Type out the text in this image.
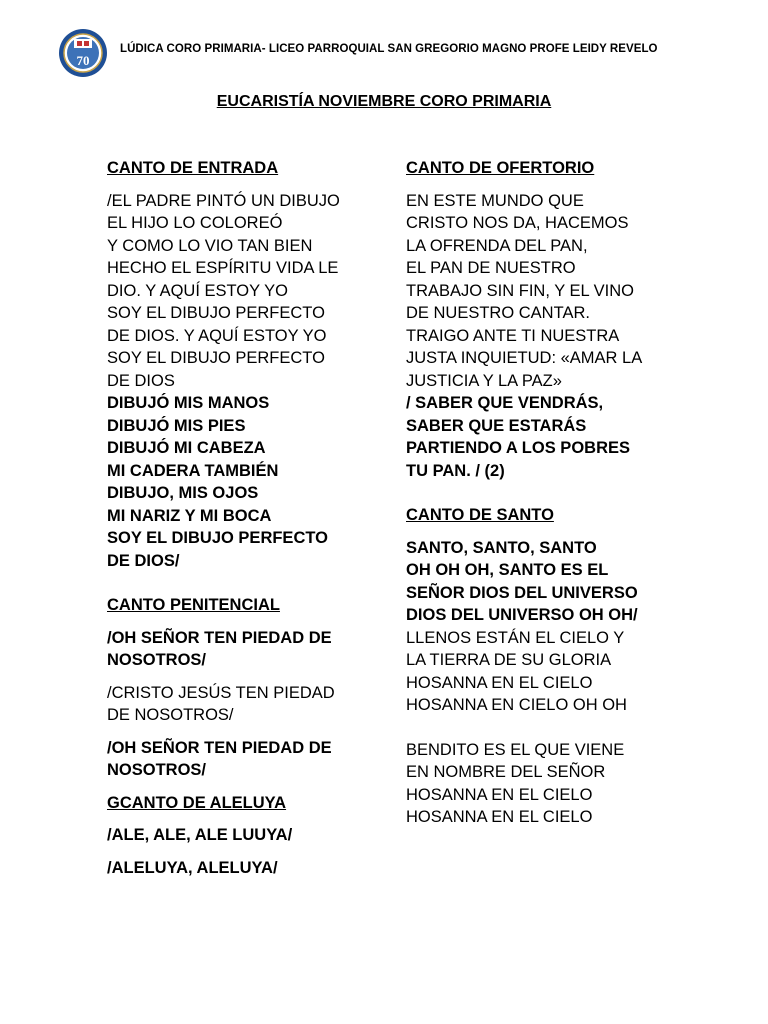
70
LÚDICA CORO PRIMARIA- LICEO PARROQUIAL SAN GREGORIO MAGNO PROFE LEIDY REVELO
EUCARISTÍA NOVIEMBRE CORO PRIMARIA
CANTO DE ENTRADA
/EL PADRE PINTÓ UN DIBUJO
EL HIJO LO COLOREÓ
Y COMO LO VIO TAN BIEN
HECHO EL ESPÍRITU VIDA LE
DIO. Y AQUÍ ESTOY YO
SOY EL DIBUJO PERFECTO
DE DIOS. Y AQUÍ ESTOY YO
SOY EL DIBUJO PERFECTO
DE DIOS
DIBUJÓ MIS MANOS
DIBUJÓ MIS PIES
DIBUJÓ MI CABEZA
MI CADERA TAMBIÉN
DIBUJO, MIS OJOS
MI NARIZ Y MI BOCA
SOY EL DIBUJO PERFECTO
DE DIOS/
CANTO PENITENCIAL
/OH SEÑOR TEN PIEDAD DE
NOSOTROS/
/CRISTO JESÚS TEN PIEDAD
DE NOSOTROS/
/OH SEÑOR TEN PIEDAD DE
NOSOTROS/
GCANTO DE ALELUYA
/ALE, ALE, ALE LUUYA/
/ALELUYA, ALELUYA/
CANTO DE OFERTORIO
EN ESTE MUNDO QUE
CRISTO NOS DA, HACEMOS
LA OFRENDA DEL PAN,
EL PAN DE NUESTRO
TRABAJO SIN FIN, Y EL VINO
DE NUESTRO CANTAR.
TRAIGO ANTE TI NUESTRA
JUSTA INQUIETUD: «AMAR LA
JUSTICIA Y LA PAZ»
/ SABER QUE VENDRÁS,
SABER QUE ESTARÁS
PARTIENDO A LOS POBRES
TU PAN. / (2)
CANTO DE SANTO
SANTO, SANTO, SANTO
OH OH OH, SANTO ES EL
SEÑOR DIOS DEL UNIVERSO
DIOS DEL UNIVERSO OH OH/
LLENOS ESTÁN EL CIELO Y
LA TIERRA DE SU GLORIA
HOSANNA EN EL CIELO
HOSANNA EN CIELO OH OH
BENDITO ES EL QUE VIENE
EN NOMBRE DEL SEÑOR
HOSANNA EN EL CIELO
HOSANNA EN EL CIELO
